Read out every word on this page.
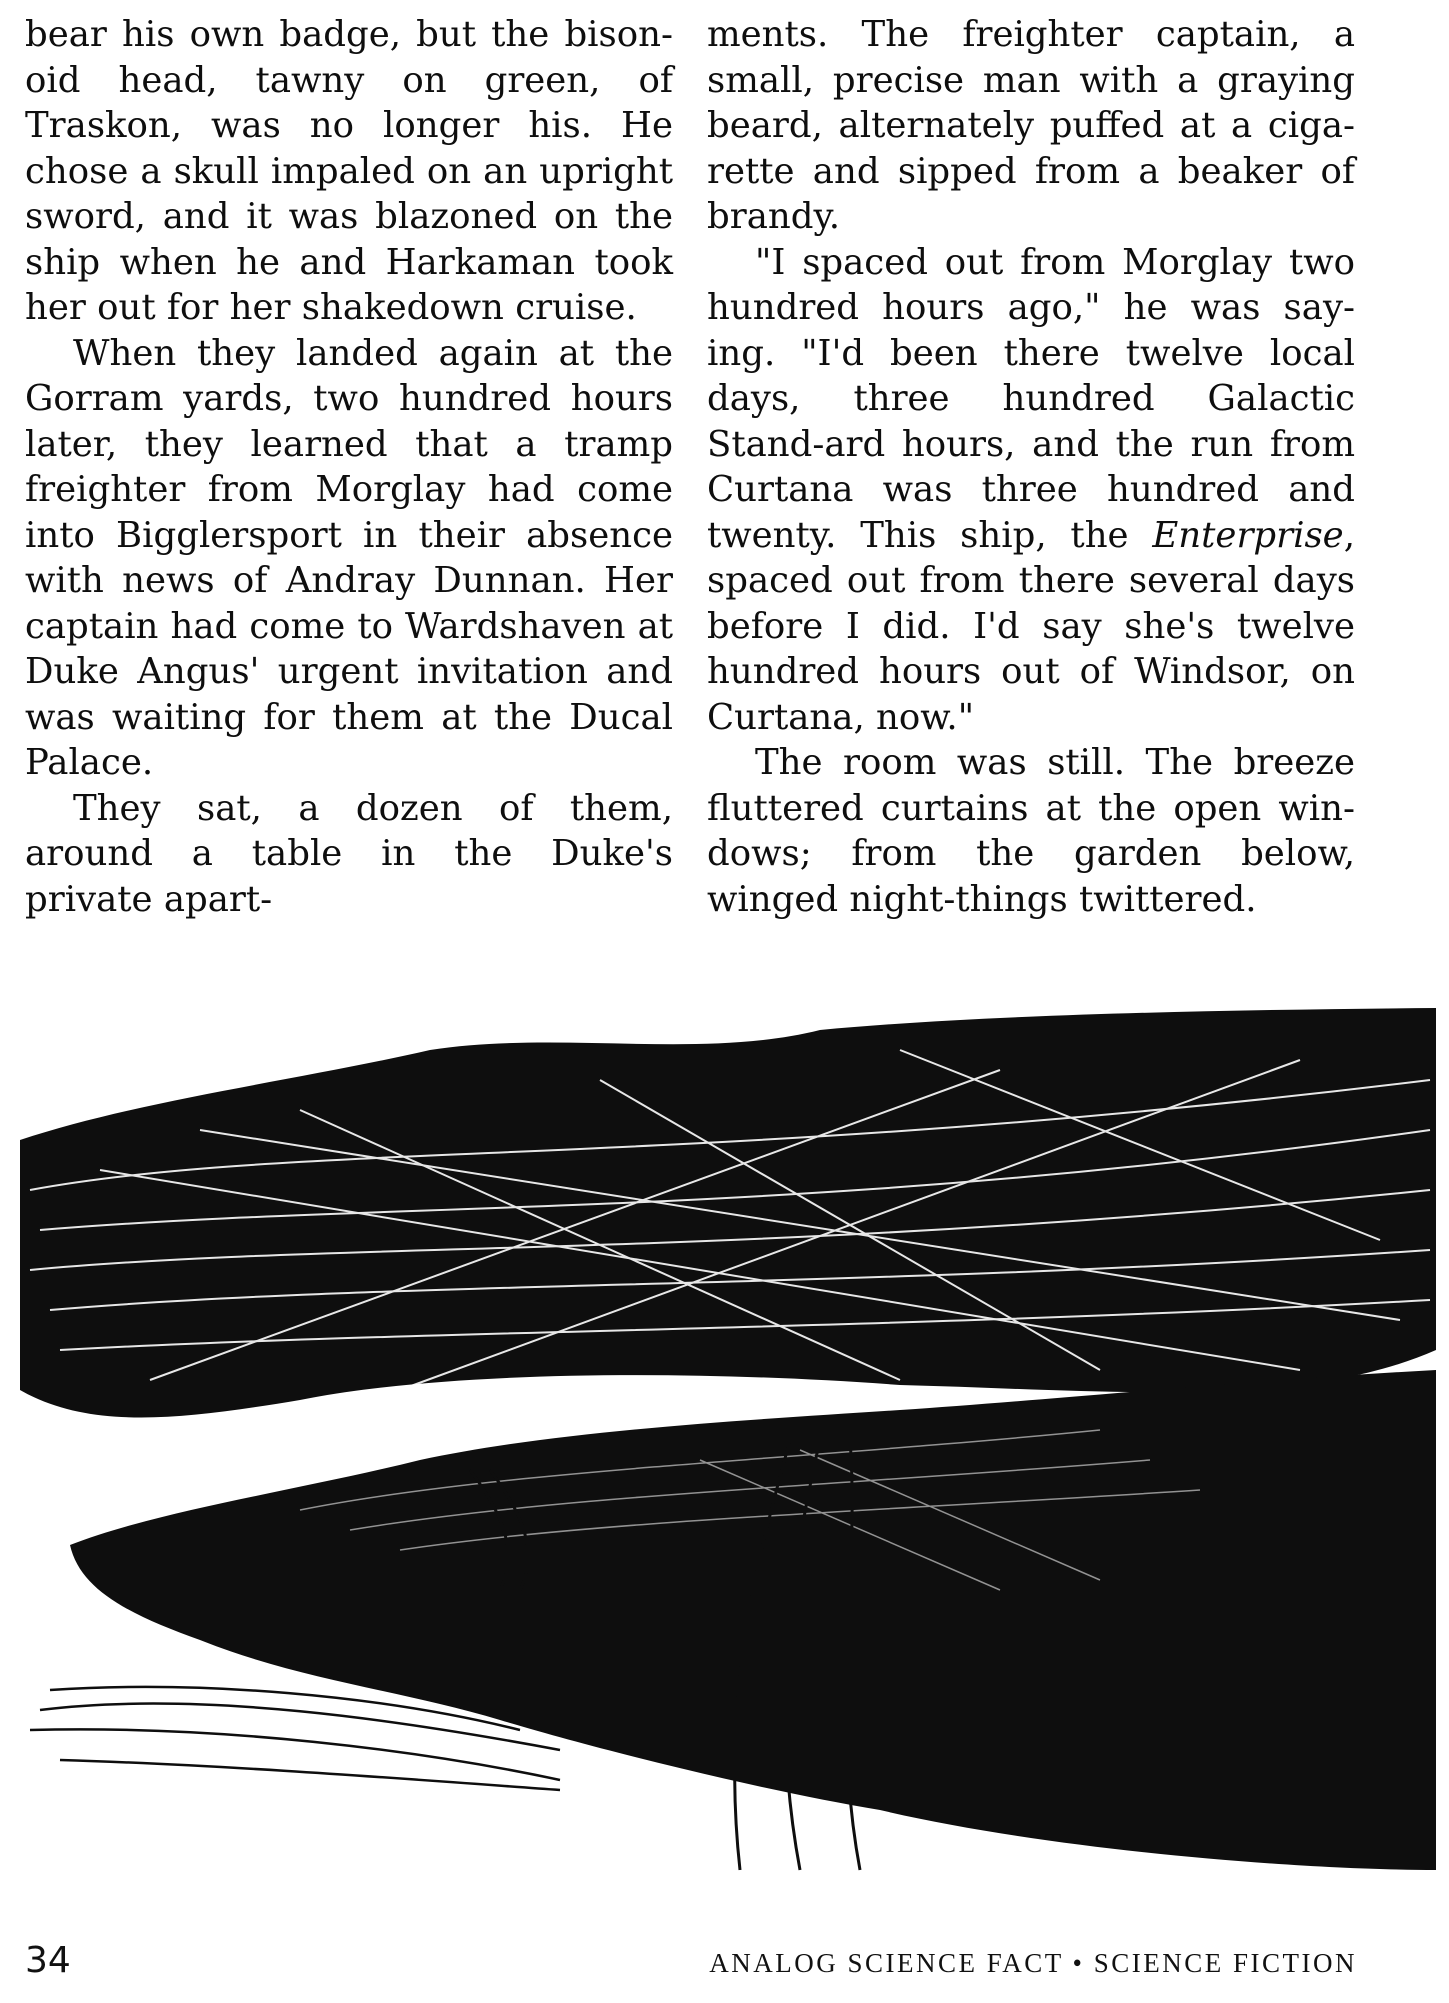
bear his own badge, but the bison-oid head, tawny on green, of Traskon, was no longer his. He chose a skull impaled on an upright sword, and it was blazoned on the ship when he and Harkaman took her out for her shakedown cruise.

When they landed again at the Gorram yards, two hundred hours later, they learned that a tramp freighter from Morglay had come into Bigglersport in their absence with news of Andray Dunnan. Her captain had come to Wardshaven at Duke Angus' urgent invitation and was waiting for them at the Ducal Palace.

They sat, a dozen of them, around a table in the Duke's private apart-

ments. The freighter captain, a small, precise man with a graying beard, alternately puffed at a ciga-rette and sipped from a beaker of brandy.

"I spaced out from Morglay two hundred hours ago," he was say-ing. "I'd been there twelve local days, three hundred Galactic Stand-ard hours, and the run from Curtana was three hundred and twenty. This ship, the Enterprise, spaced out from there several days before I did. I'd say she's twelve hundred hours out of Windsor, on Curtana, now."

The room was still. The breeze fluttered curtains at the open win-dows; from the garden below, winged night-things twittered.

34	ANALOG SCIENCE FACT • SCIENCE FICTION
